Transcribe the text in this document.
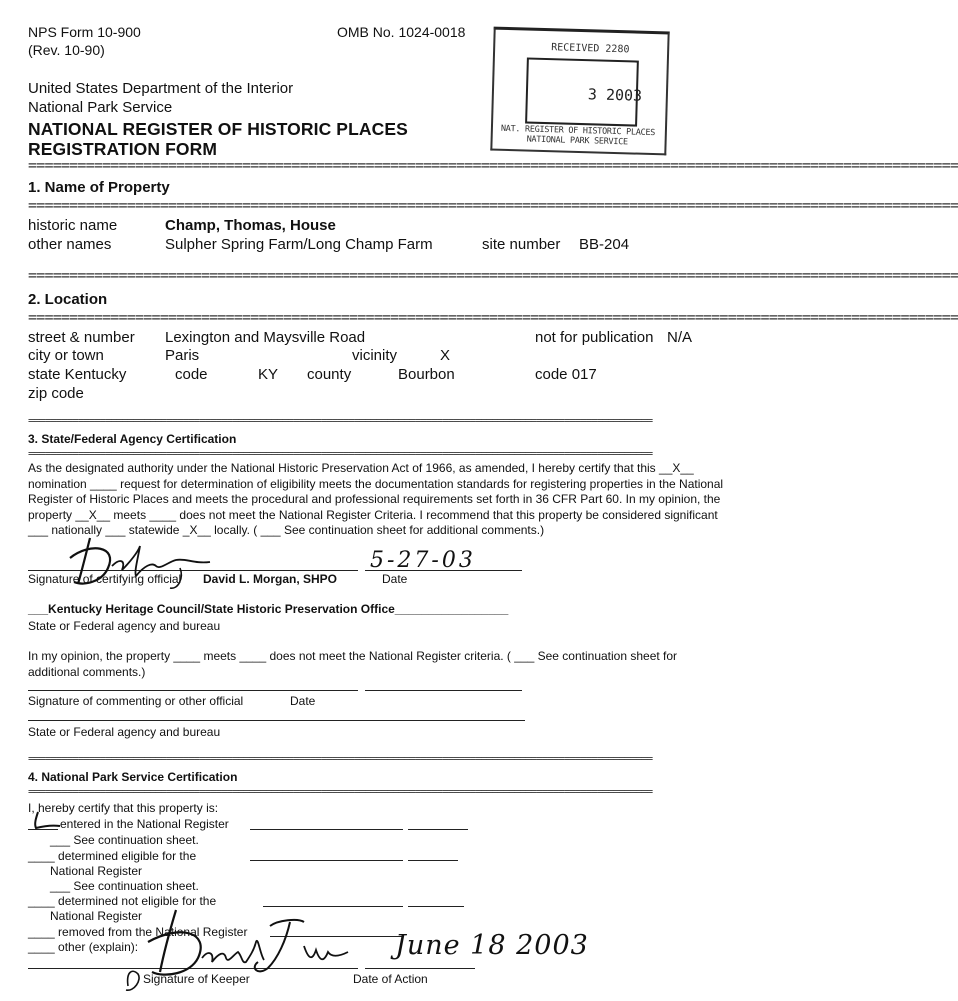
NPS Form 10-900
(Rev. 10-90)
OMB No. 1024-0018
United States Department of the Interior
National Park Service
NATIONAL REGISTER OF HISTORIC PLACES
REGISTRATION FORM
RECEIVED 2280
3 2003
NAT. REGISTER OF HISTORIC PLACES
NATIONAL PARK SERVICE
=================================================================================================================
1. Name of Property
=================================================================================================================
historic name	Champ, Thomas, House
other names	Sulpher Spring Farm/Long Champ Farm	site number BB-204
=================================================================================================================
2. Location
=================================================================================================================
street & number Lexington and Maysville Road	not for publication N/A
city or town	Paris	vicinity	X
state Kentucky	code	KY county	Bourbon	code 017
zip code
=================================================================================================================
3. State/Federal Agency Certification
=================================================================================================================
As the designated authority under the National Historic Preservation Act of 1966, as amended, I hereby certify that this __X__ nomination ____ request for determination of eligibility meets the documentation standards for registering properties in the National Register of Historic Places and meets the procedural and professional requirements set forth in 36 CFR Part 60. In my opinion, the property __X__ meets ____ does not meet the National Register Criteria. I recommend that this property be considered significant ___ nationally ___ statewide _X__ locally. ( ___ See continuation sheet for additional comments.)
5-27-03
Signature of certifying official David L. Morgan, SHPO	Date
___Kentucky Heritage Council/State Historic Preservation Office_________________
State or Federal agency and bureau
In my opinion, the property ____ meets ____ does not meet the National Register criteria. ( ___ See continuation sheet for additional comments.)
Signature of commenting or other official	Date
State or Federal agency and bureau
=================================================================================================================
4. National Park Service Certification
=================================================================================================================
I, hereby certify that this property is:
entered in the National Register
___ See continuation sheet.
____ determined eligible for the
National Register
___ See continuation sheet.
____ determined not eligible for the
National Register
____ removed from the National Register
____ other (explain):	June 18 2003
Signature of Keeper	Date of Action
